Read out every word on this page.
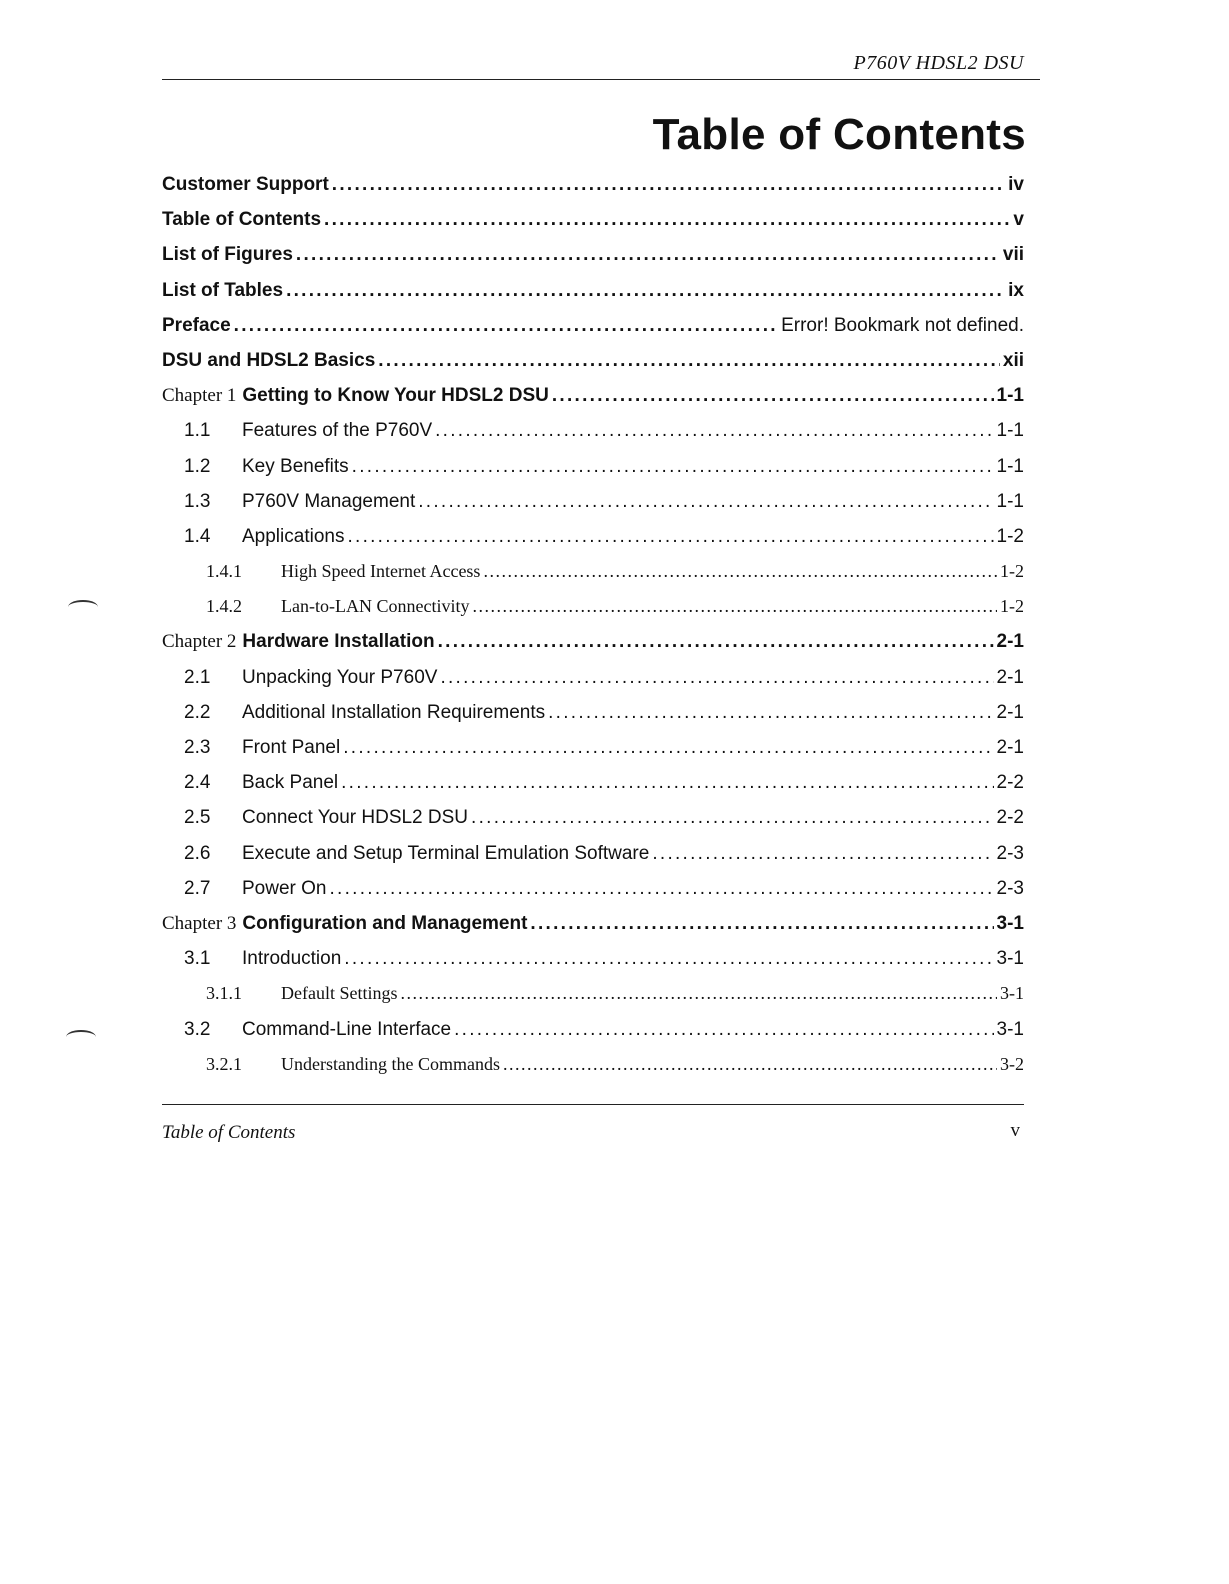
P760V HDSL2 DSU
Table of Contents
Customer Support . . .	iv
Table of Contents . . .	v
List of Figures . . .	vii
List of Tables . . .	ix
Preface . . .	Error! Bookmark not defined.
DSU and HDSL2 Basics . . .	xii
Chapter 1 Getting to Know Your HDSL2 DSU . . .	1-1
1.1	Features of the P760V . . .	1-1
1.2	Key Benefits . . .	1-1
1.3	P760V Management . . .	1-1
1.4	Applications . . .	1-2
1.4.1	High Speed Internet Access . . .	1-2
1.4.2	Lan-to-LAN Connectivity . . .	1-2
Chapter 2 Hardware Installation . . .	2-1
2.1	Unpacking Your P760V . . .	2-1
2.2	Additional Installation Requirements . . .	2-1
2.3	Front Panel . . .	2-1
2.4	Back Panel . . .	2-2
2.5	Connect Your HDSL2 DSU . . .	2-2
2.6	Execute and Setup Terminal Emulation Software . . .	2-3
2.7	Power On . . .	2-3
Chapter 3 Configuration and Management . . .	3-1
3.1	Introduction . . .	3-1
3.1.1	Default Settings . . .	3-1
3.2	Command-Line Interface . . .	3-1
3.2.1	Understanding the Commands . . .	3-2
Table of Contents	v
